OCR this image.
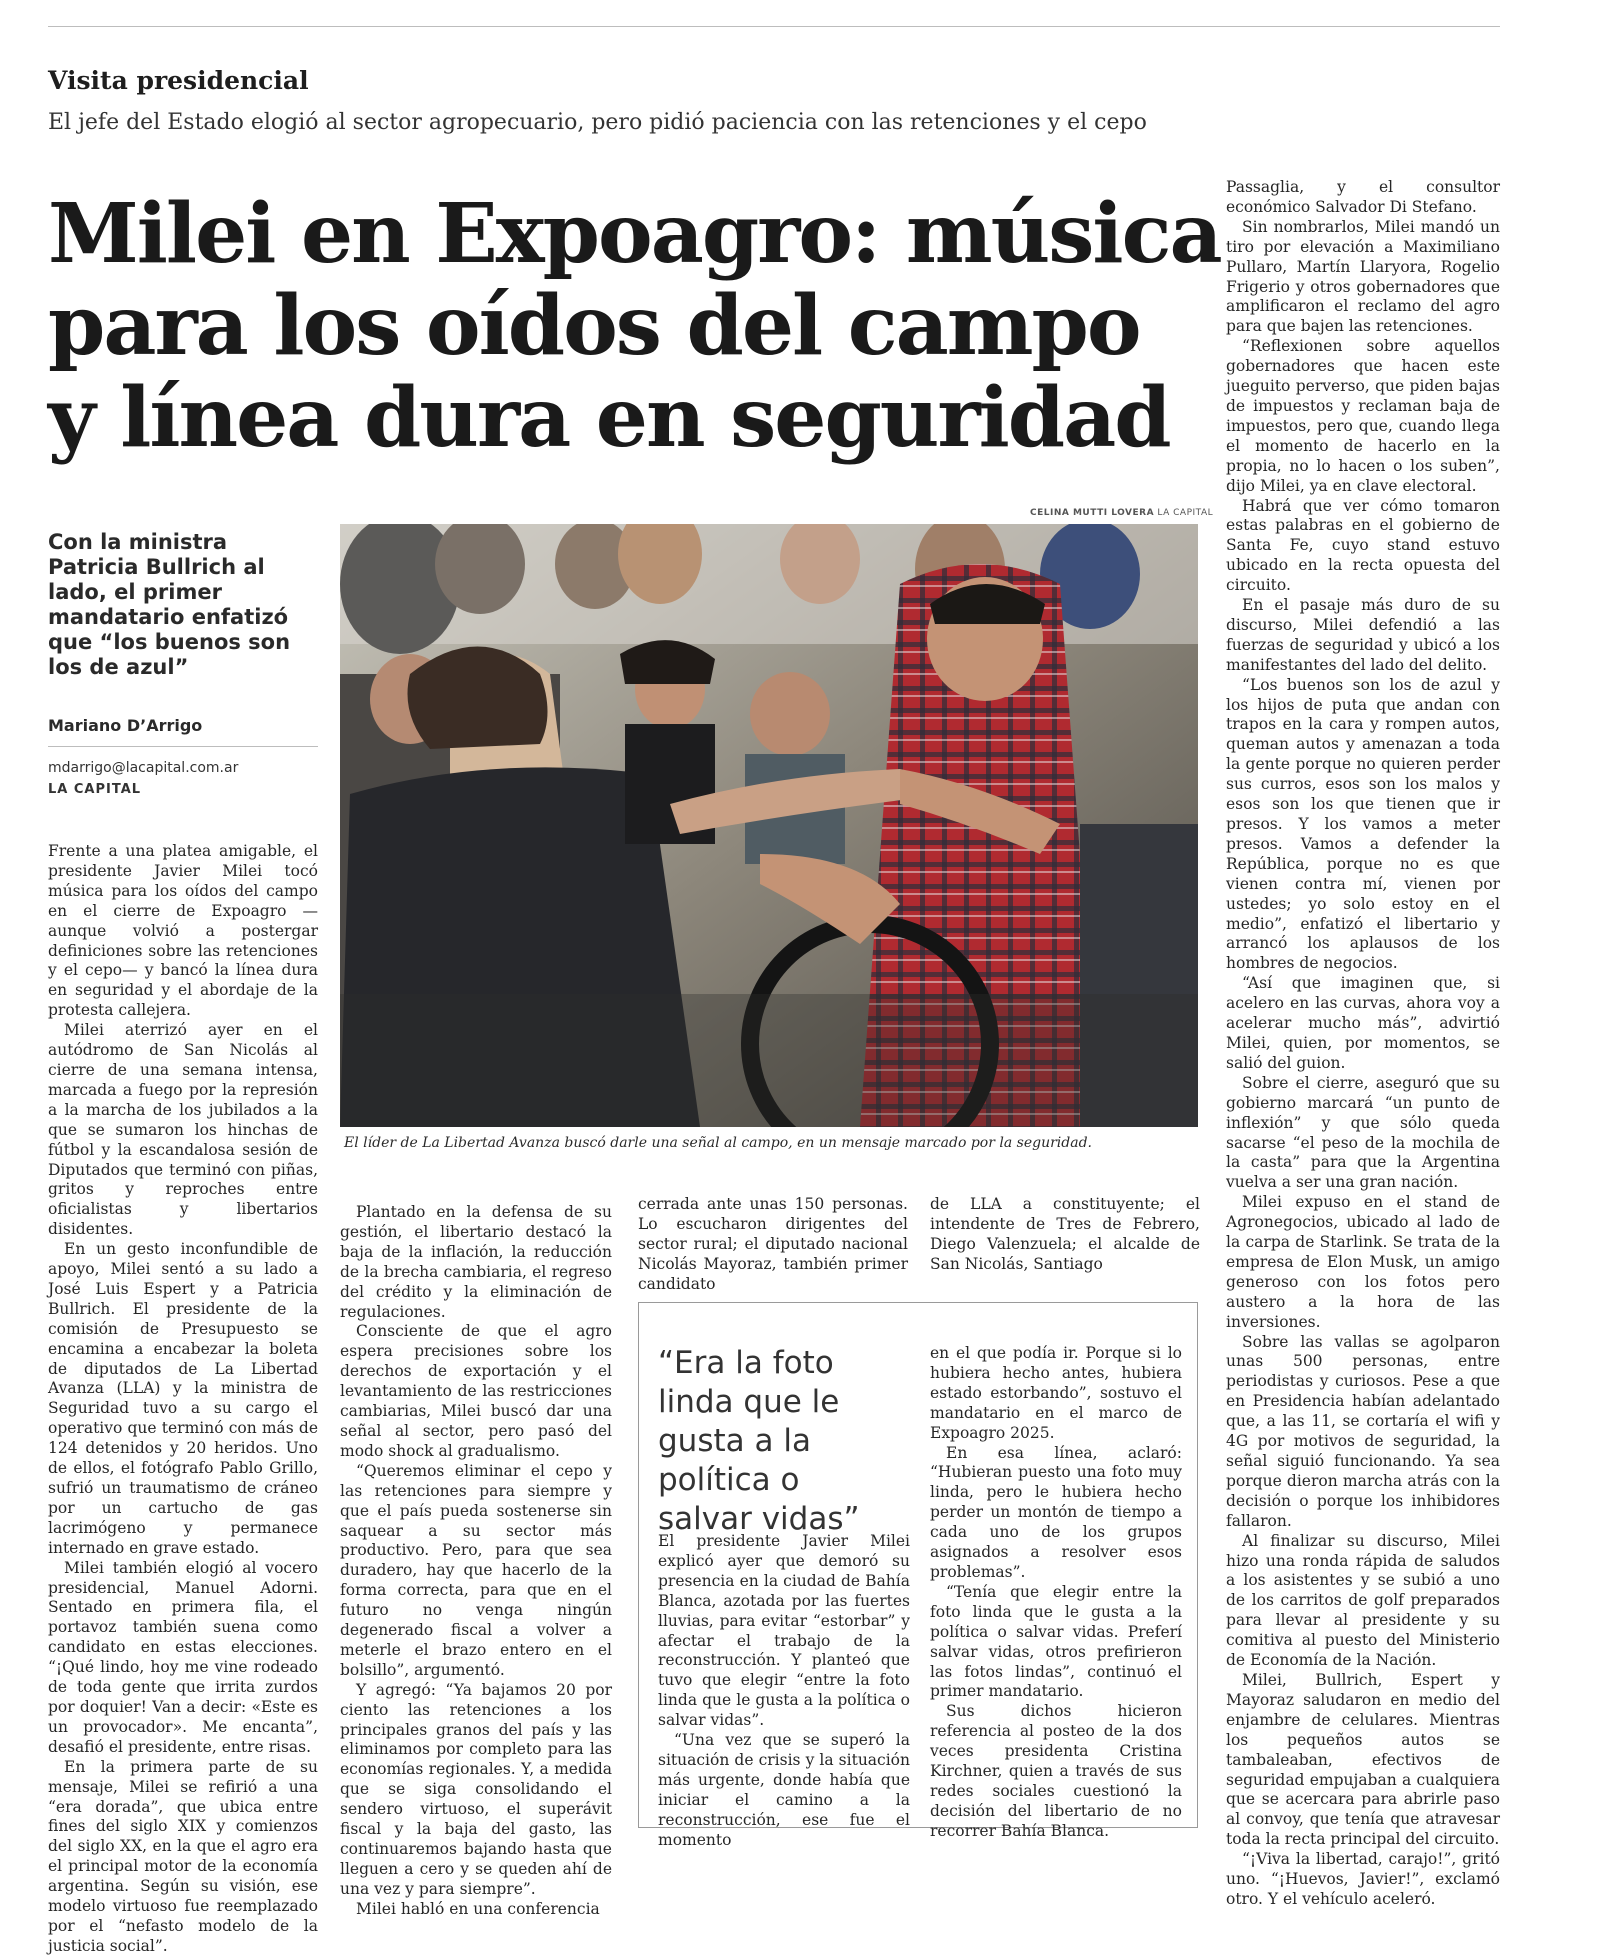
Visita presidencial
El jefe del Estado elogió al sector agropecuario, pero pidió paciencia con las retenciones y el cepo
Milei en Expoagro: música
para los oídos del campo
y línea dura en seguridad
Con la ministra Patricia Bullrich al lado, el primer mandatario enfatizó que “los buenos son los de azul”
Mariano D’Arrigo
mdarrigo@lacapital.com.ar
LA CAPITAL

Frente a una platea amigable, el presidente Javier Milei tocó música para los oídos del campo en el cierre de Expoagro —aunque volvió a postergar definiciones sobre las retenciones y el cepo— y bancó la línea dura en seguridad y el abordaje de la protesta callejera.

Milei aterrizó ayer en el autódromo de San Nicolás al cierre de una semana intensa, marcada a fuego por la represión a la marcha de los jubilados a la que se sumaron los hinchas de fútbol y la escandalosa sesión de Diputados que terminó con piñas, gritos y reproches entre oficialistas y libertarios disidentes.

En un gesto inconfundible de apoyo, Milei sentó a su lado a José Luis Espert y a Patricia Bullrich. El presidente de la comisión de Presupuesto se encamina a encabezar la boleta de diputados de La Libertad Avanza (LLA) y la ministra de Seguridad tuvo a su cargo el operativo que terminó con más de 124 detenidos y 20 heridos. Uno de ellos, el fotógrafo Pablo Grillo, sufrió un traumatismo de cráneo por un cartucho de gas lacrimógeno y permanece internado en grave estado.

Milei también elogió al vocero presidencial, Manuel Adorni. Sentado en primera fila, el portavoz también suena como candidato en estas elecciones. “¡Qué lindo, hoy me vine rodeado de toda gente que irrita zurdos por doquier! Van a decir: «Este es un provocador». Me encanta”, desafió el presidente, entre risas.

En la primera parte de su mensaje, Milei se refirió a una “era dorada”, que ubica entre fines del siglo XIX y comienzos del siglo XX, en la que el agro era el principal motor de la economía argentina. Según su visión, ese modelo virtuoso fue reemplazado por el “nefasto modelo de la justicia social”.

CELINA MUTTI LOVERA LA CAPITAL
El líder de La Libertad Avanza buscó darle una señal al campo, en un mensaje marcado por la seguridad.

Plantado en la defensa de su gestión, el libertario destacó la baja de la inflación, la reducción de la brecha cambiaria, el regreso del crédito y la eliminación de regulaciones.

Consciente de que el agro espera precisiones sobre los derechos de exportación y el levantamiento de las restricciones cambiarias, Milei buscó dar una señal al sector, pero pasó del modo shock al gradualismo.

“Queremos eliminar el cepo y las retenciones para siempre y que el país pueda sostenerse sin saquear a su sector más productivo. Pero, para que sea duradero, hay que hacerlo de la forma correcta, para que en el futuro no venga ningún degenerado fiscal a volver a meterle el brazo entero en el bolsillo”, argumentó.

Y agregó: “Ya bajamos 20 por ciento las retenciones a los principales granos del país y las eliminamos por completo para las economías regionales. Y, a medida que se siga consolidando el sendero virtuoso, el superávit fiscal y la baja del gasto, las continuaremos bajando hasta que lleguen a cero y se queden ahí de una vez y para siempre”.

Milei habló en una conferencia

cerrada ante unas 150 personas. Lo escucharon dirigentes del sector rural; el diputado nacional Nicolás Mayoraz, también primer candidato

de LLA a constituyente; el intendente de Tres de Febrero, Diego Valenzuela; el alcalde de San Nicolás, Santiago

“Era la foto linda que le gusta a la política o salvar vidas”

El presidente Javier Milei explicó ayer que demoró su presencia en la ciudad de Bahía Blanca, azotada por las fuertes lluvias, para evitar “estorbar” y afectar el trabajo de la reconstrucción. Y planteó que tuvo que elegir “entre la foto linda que le gusta a la política o salvar vidas”.

“Una vez que se superó la situación de crisis y la situación más urgente, donde había que iniciar el camino a la reconstrucción, ese fue el momento

en el que podía ir. Porque si lo hubiera hecho antes, hubiera estado estorbando”, sostuvo el mandatario en el marco de Expoagro 2025.

En esa línea, aclaró: “Hubieran puesto una foto muy linda, pero le hubiera hecho perder un montón de tiempo a cada uno de los grupos asignados a resolver esos problemas”.

“Tenía que elegir entre la foto linda que le gusta a la política o salvar vidas. Preferí salvar vidas, otros prefirieron las fotos lindas”, continuó el primer mandatario.

Sus dichos hicieron referencia al posteo de la dos veces presidenta Cristina Kirchner, quien a través de sus redes sociales cuestionó la decisión del libertario de no recorrer Bahía Blanca.

Passaglia, y el consultor económico Salvador Di Stefano.

Sin nombrarlos, Milei mandó un tiro por elevación a Maximiliano Pullaro, Martín Llaryora, Rogelio Frigerio y otros gobernadores que amplificaron el reclamo del agro para que bajen las retenciones.

“Reflexionen sobre aquellos gobernadores que hacen este jueguito perverso, que piden bajas de impuestos y reclaman baja de impuestos, pero que, cuando llega el momento de hacerlo en la propia, no lo hacen o los suben”, dijo Milei, ya en clave electoral.

Habrá que ver cómo tomaron estas palabras en el gobierno de Santa Fe, cuyo stand estuvo ubicado en la recta opuesta del circuito.

En el pasaje más duro de su discurso, Milei defendió a las fuerzas de seguridad y ubicó a los manifestantes del lado del delito.

“Los buenos son los de azul y los hijos de puta que andan con trapos en la cara y rompen autos, queman autos y amenazan a toda la gente porque no quieren perder sus curros, esos son los malos y esos son los que tienen que ir presos. Y los vamos a meter presos. Vamos a defender la República, porque no es que vienen contra mí, vienen por ustedes; yo solo estoy en el medio”, enfatizó el libertario y arrancó los aplausos de los hombres de negocios.

“Así que imaginen que, si acelero en las curvas, ahora voy a acelerar mucho más”, advirtió Milei, quien, por momentos, se salió del guion.

Sobre el cierre, aseguró que su gobierno marcará “un punto de inflexión” y que sólo queda sacarse “el peso de la mochila de la casta” para que la Argentina vuelva a ser una gran nación.

Milei expuso en el stand de Agronegocios, ubicado al lado de la carpa de Starlink. Se trata de la empresa de Elon Musk, un amigo generoso con los fotos pero austero a la hora de las inversiones.

Sobre las vallas se agolparon unas 500 personas, entre periodistas y curiosos. Pese a que en Presidencia habían adelantado que, a las 11, se cortaría el wifi y 4G por motivos de seguridad, la señal siguió funcionando. Ya sea porque dieron marcha atrás con la decisión o porque los inhibidores fallaron.

Al finalizar su discurso, Milei hizo una ronda rápida de saludos a los asistentes y se subió a uno de los carritos de golf preparados para llevar al presidente y su comitiva al puesto del Ministerio de Economía de la Nación.

Milei, Bullrich, Espert y Mayoraz saludaron en medio del enjambre de celulares. Mientras los pequeños autos se tambaleaban, efectivos de seguridad empujaban a cualquiera que se acercara para abrirle paso al convoy, que tenía que atravesar toda la recta principal del circuito.

“¡Viva la libertad, carajo!”, gritó uno. “¡Huevos, Javier!”, exclamó otro. Y el vehículo aceleró.
